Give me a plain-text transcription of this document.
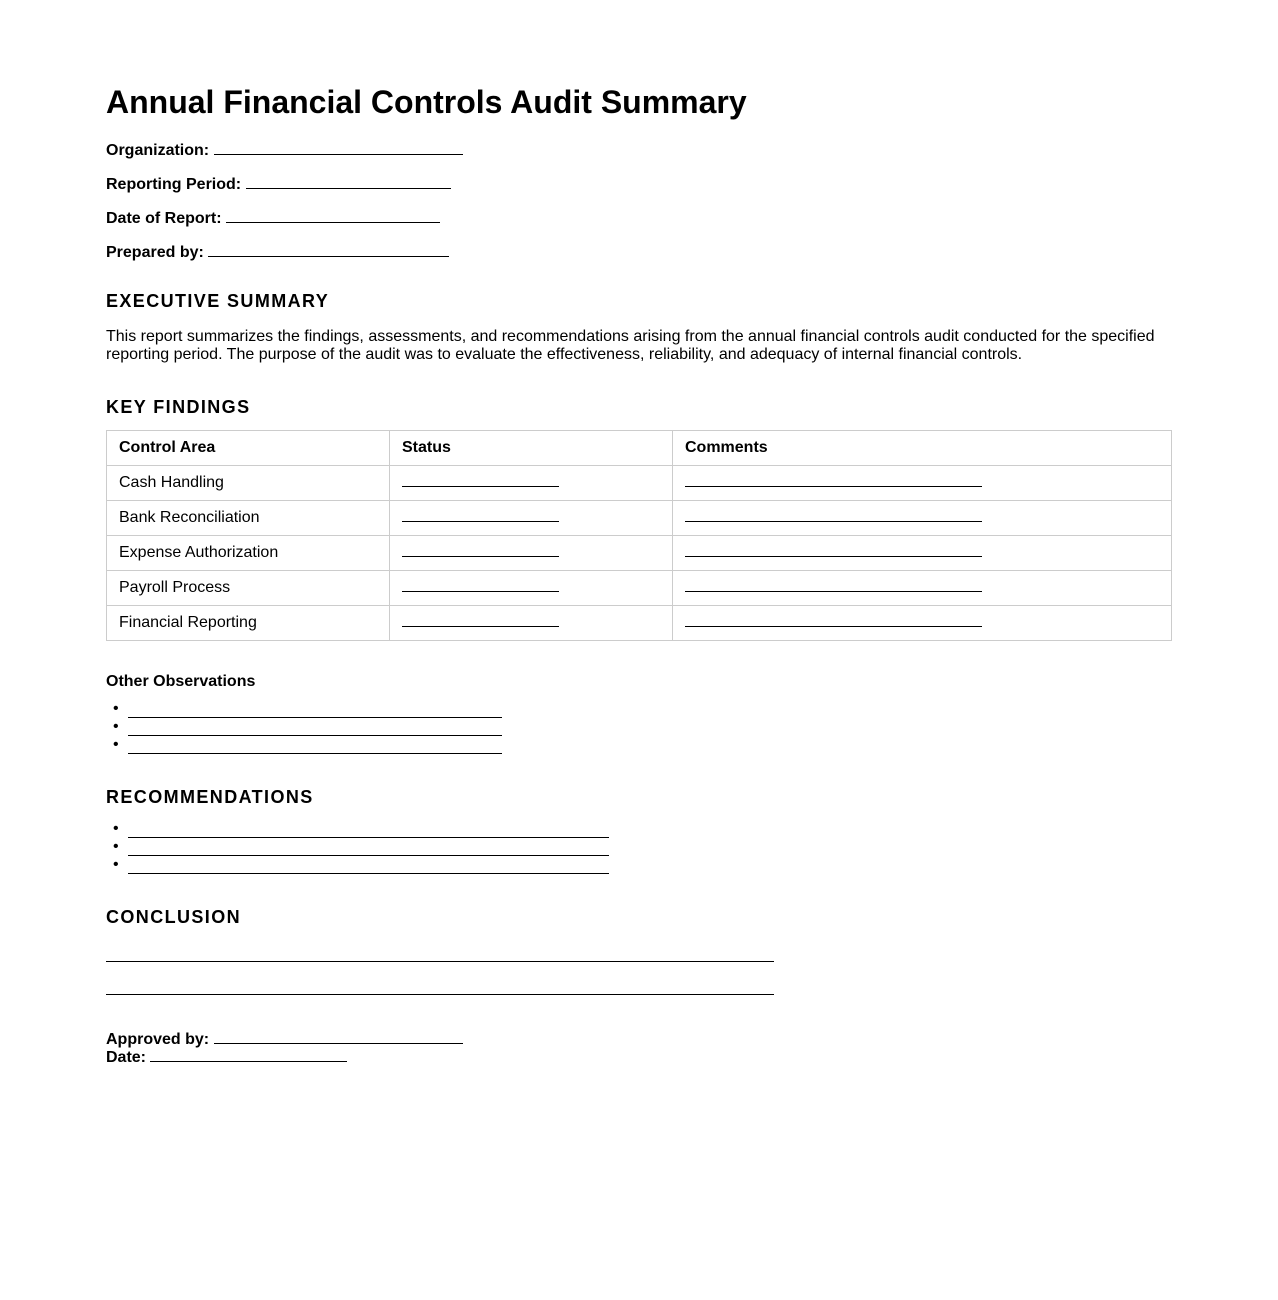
Annual Financial Controls Audit Summary
Organization:
Reporting Period:
Date of Report:
Prepared by:
EXECUTIVE SUMMARY

This report summarizes the findings, assessments, and recommendations arising from the annual financial controls audit conducted for the specified reporting period. The purpose of the audit was to evaluate the effectiveness, reliability, and adequacy of internal financial controls.

KEY FINDINGS
Control Area	Status	Comments
Cash Handling		
Bank Reconciliation		
Expense Authorization		
Payroll Process		
Financial Reporting		
Other Observations
•
•
•
RECOMMENDATIONS
•
•
•
CONCLUSION
Approved by:
Date:
